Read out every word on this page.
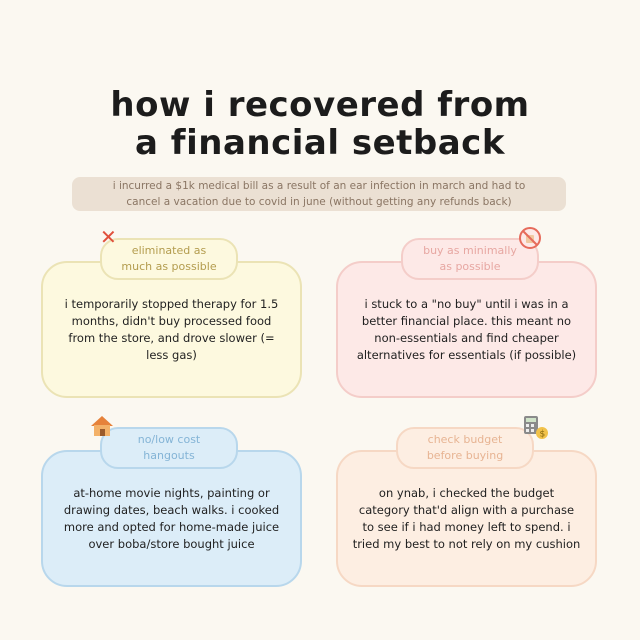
how i recovered from
a financial setback
i incurred a $1k medical bill as a result of an ear infection in march and had to
cancel a vacation due to covid in june (without getting any refunds back)
i temporarily stopped therapy for 1.5 months, didn't buy processed food from the store, and drove slower (= less gas)
eliminated as
much as possible
✕
i stuck to a "no buy" until i was in a better financial place. this meant no non-essentials and find cheaper alternatives for essentials (if possible)
buy as minimally
as possible
at-home movie nights, painting or drawing dates, beach walks. i cooked more and opted for home-made juice over boba/store bought juice
no/low cost
hangouts
on ynab, i checked the budget category that'd align with a purchase to see if i had money left to spend. i tried my best to not rely on my cushion
check budget
before buying
$
